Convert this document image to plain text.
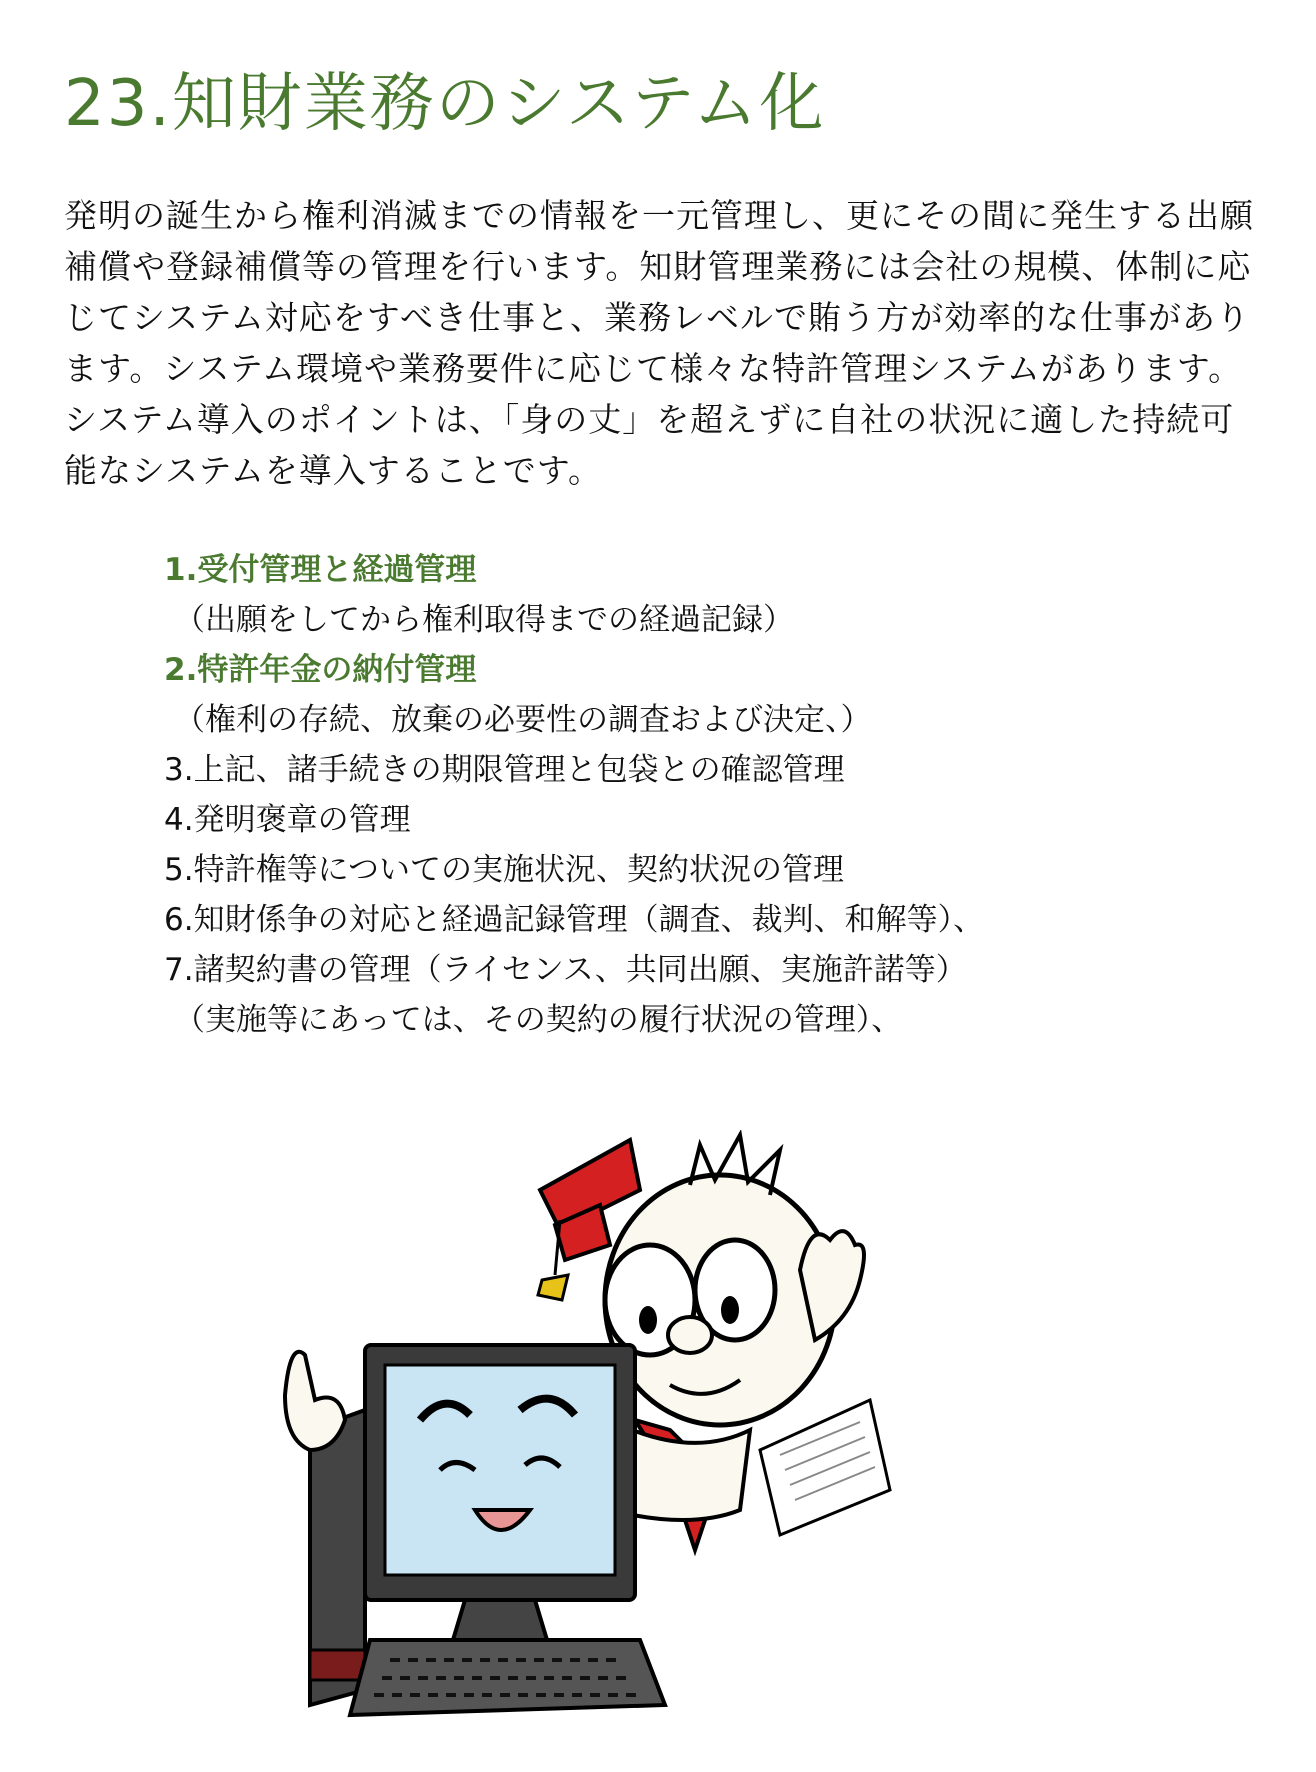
23.知財業務のシステム化
発明の誕生から権利消滅までの情報を一元管理し、更にその間に発生する出願補償や登録補償等の管理を行います。知財管理業務には会社の規模、体制に応じてシステム対応をすべき仕事と、業務レベルで賄う方が効率的な仕事があります。システム環境や業務要件に応じて様々な特許管理システムがあります。システム導入のポイントは、「身の丈」を超えずに自社の状況に適した持続可能なシステムを導入することです。
1.受付管理と経過管理
（出願をしてから権利取得までの経過記録）
2.特許年金の納付管理
（権利の存続、放棄の必要性の調査および決定、）
3.上記、諸手続きの期限管理と包袋との確認管理
4.発明褒章の管理
5.特許権等についての実施状況、契約状況の管理
6.知財係争の対応と経過記録管理（調査、裁判、和解等）、
7.諸契約書の管理（ライセンス、共同出願、実施許諾等）
（実施等にあっては、その契約の履行状況の管理）、
